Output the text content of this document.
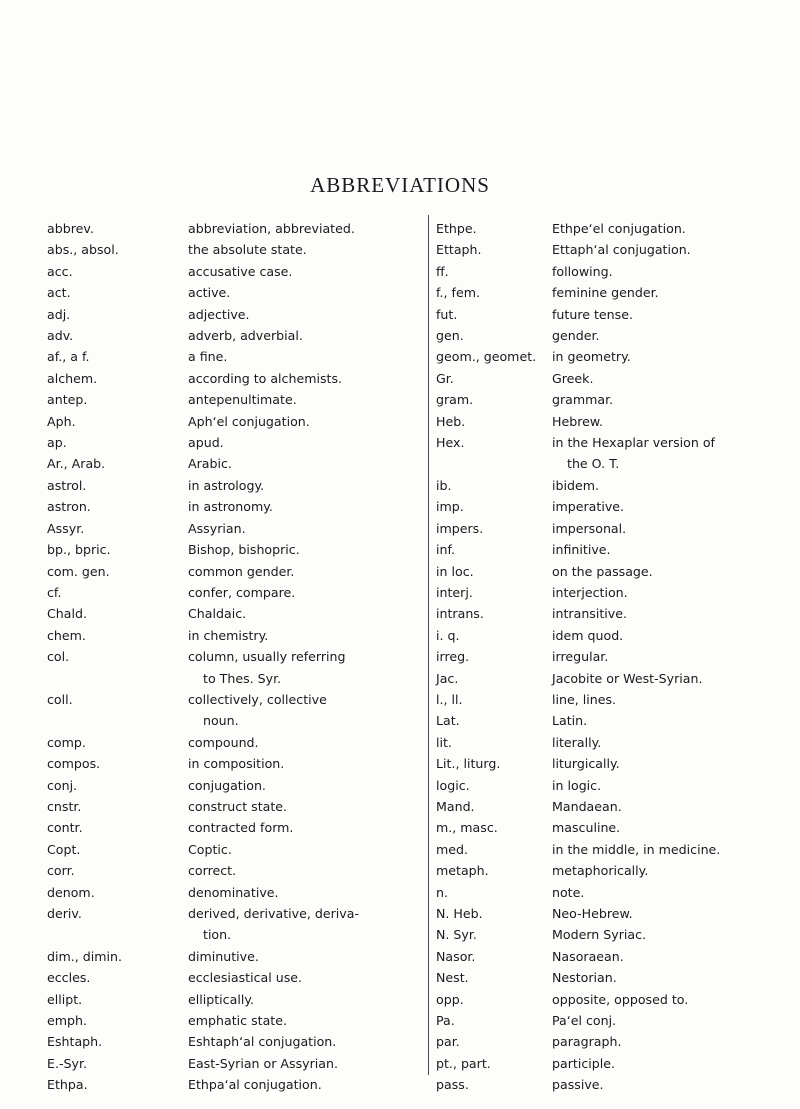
ABBREVIATIONS
abbrev.	abbreviation, abbreviated.
abs., absol.	the absolute state.
acc.	accusative case.
act.	active.
adj.	adjective.
adv.	adverb, adverbial.
af., a f.	a fine.
alchem.	according to alchemists.
antep.	antepenultimate.
Aph.	Aph‘el conjugation.
ap.	apud.
Ar., Arab.	Arabic.
astrol.	in astrology.
astron.	in astronomy.
Assyr.	Assyrian.
bp., bpric.	Bishop, bishopric.
com. gen.	common gender.
cf.	confer, compare.
Chald.	Chaldaic.
chem.	in chemistry.
col.	column, usually referring
to Thes. Syr.
coll.	collectively, collective
noun.
comp.	compound.
compos.	in composition.
conj.	conjugation.
cnstr.	construct state.
contr.	contracted form.
Copt.	Coptic.
corr.	correct.
denom.	denominative.
deriv.	derived, derivative, deriva-
tion.
dim., dimin.	diminutive.
eccles.	ecclesiastical use.
ellipt.	elliptically.
emph.	emphatic state.
Eshtaph.	Eshtaph‘al conjugation.
E.-Syr.	East-Syrian or Assyrian.
Ethpa.	Ethpa‘al conjugation.
Ethpe.	Ethpe‘el conjugation.
Ettaph.	Ettaph‘al conjugation.
ff.	following.
f., fem.	feminine gender.
fut.	future tense.
gen.	gender.
geom., geomet.	in geometry.
Gr.	Greek.
gram.	grammar.
Heb.	Hebrew.
Hex.	in the Hexaplar version of
the O. T.
ib.	ibidem.
imp.	imperative.
impers.	impersonal.
inf.	infinitive.
in loc.	on the passage.
interj.	interjection.
intrans.	intransitive.
i. q.	idem quod.
irreg.	irregular.
Jac.	Jacobite or West-Syrian.
l., ll.	line, lines.
Lat.	Latin.
lit.	literally.
Lit., liturg.	liturgically.
logic.	in logic.
Mand.	Mandaean.
m., masc.	masculine.
med.	in the middle, in medicine.
metaph.	metaphorically.
n.	note.
N. Heb.	Neo-Hebrew.
N. Syr.	Modern Syriac.
Nasor.	Nasoraean.
Nest.	Nestorian.
opp.	opposite, opposed to.
Pa.	Pa‘el conj.
par.	paragraph.
pt., part.	participle.
pass.	passive.
